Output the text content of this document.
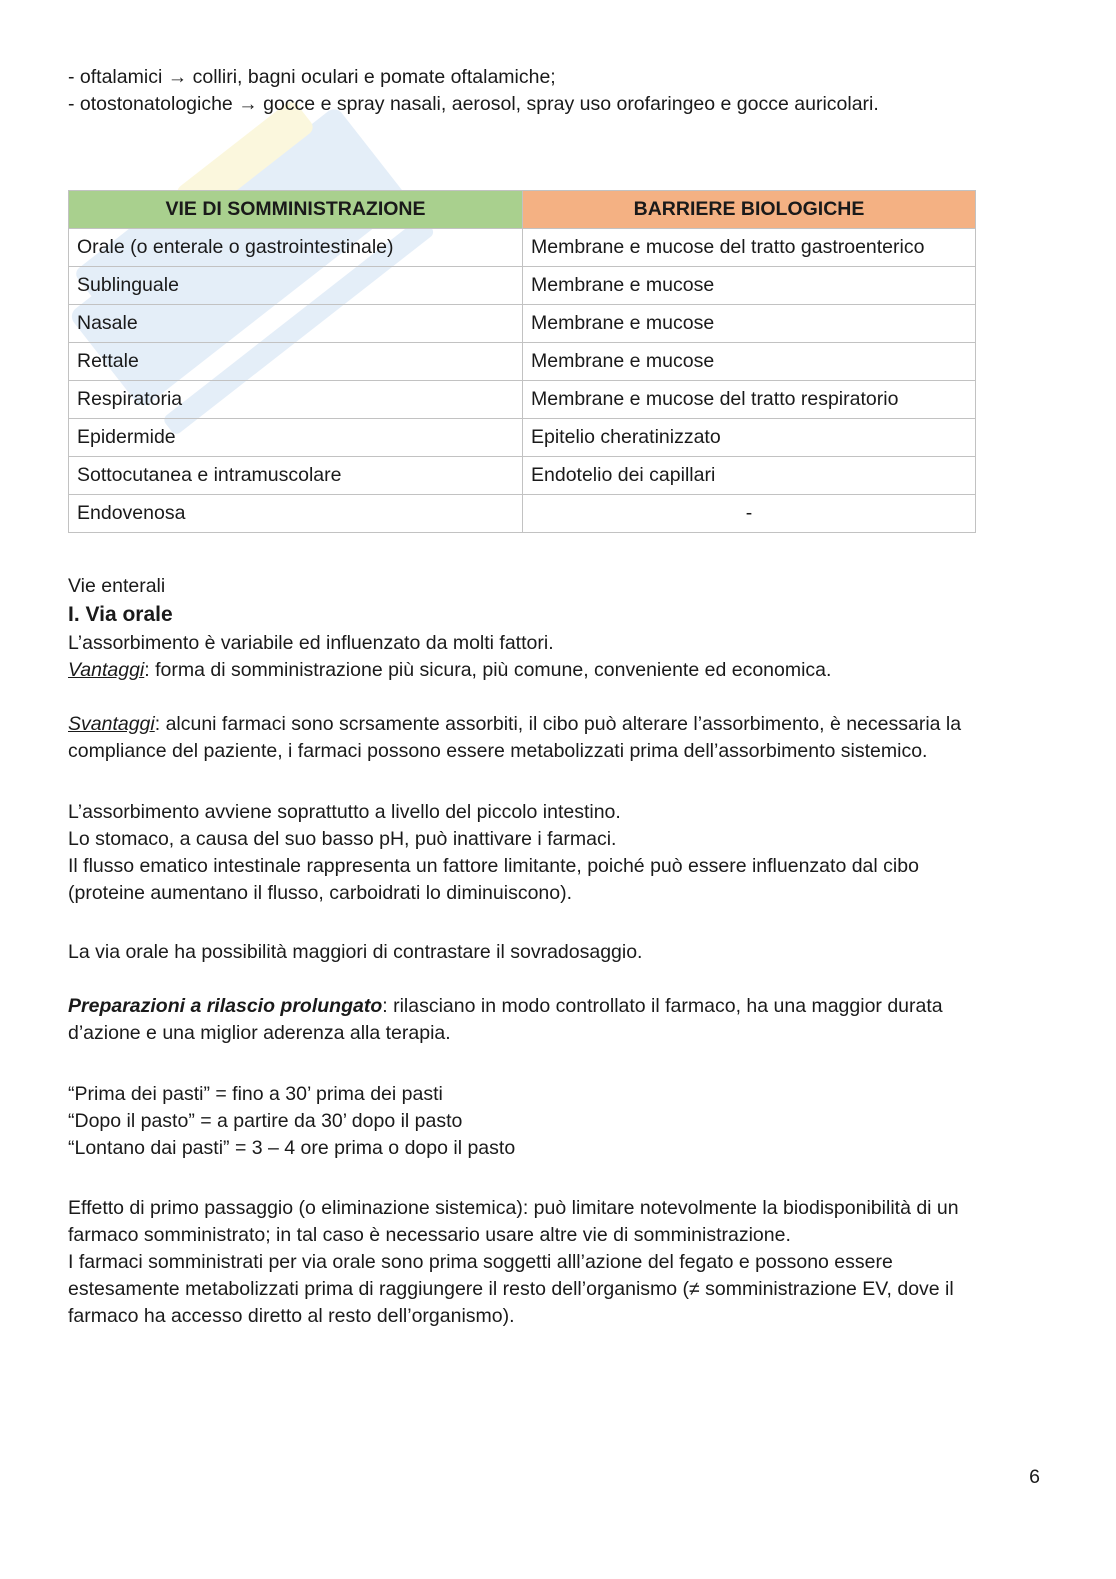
- oftalamici → colliri, bagni oculari e pomate oftalamiche;

- otostonatologiche → gocce e spray nasali, aerosol, spray uso orofaringeo e gocce auricolari.

VIE DI SOMMINISTRAZIONE	BARRIERE BIOLOGICHE
Orale (o enterale o gastrointestinale)	Membrane e mucose del tratto gastroenterico
Sublinguale	Membrane e mucose
Nasale	Membrane e mucose
Rettale	Membrane e mucose
Respiratoria	Membrane e mucose del tratto respiratorio
Epidermide	Epitelio cheratinizzato
Sottocutanea e intramuscolare	Endotelio dei capillari
Endovenosa	-

Vie enterali

I. Via orale

L’assorbimento è variabile ed influenzato da molti fattori.

Vantaggi: forma di somministrazione più sicura, più comune, conveniente ed economica.

Svantaggi: alcuni farmaci sono scrsamente assorbiti, il cibo può alterare l’assorbimento, è necessaria la

compliance del paziente, i farmaci possono essere metabolizzati prima dell’assorbimento sistemico.

L’assorbimento avviene soprattutto a livello del piccolo intestino.

Lo stomaco, a causa del suo basso pH, può inattivare i farmaci.

Il flusso ematico intestinale rappresenta un fattore limitante, poiché può essere influenzato dal cibo

(proteine aumentano il flusso, carboidrati lo diminuiscono).

La via orale ha possibilità maggiori di contrastare il sovradosaggio.

Preparazioni a rilascio prolungato: rilasciano in modo controllato il farmaco, ha una maggior durata

d’azione e una miglior aderenza alla terapia.

“Prima dei pasti” = fino a 30’ prima dei pasti

“Dopo il pasto” = a partire da 30’ dopo il pasto

“Lontano dai pasti” = 3 – 4 ore prima o dopo il pasto

Effetto di primo passaggio (o eliminazione sistemica): può limitare notevolmente la biodisponibilità di un

farmaco somministrato; in tal caso è necessario usare altre vie di somministrazione.

I farmaci somministrati per via orale sono prima soggetti alll’azione del fegato e possono essere

estesamente metabolizzati prima di raggiungere il resto dell’organismo (≠ somministrazione EV, dove il

farmaco ha accesso diretto al resto dell’organismo).

6
